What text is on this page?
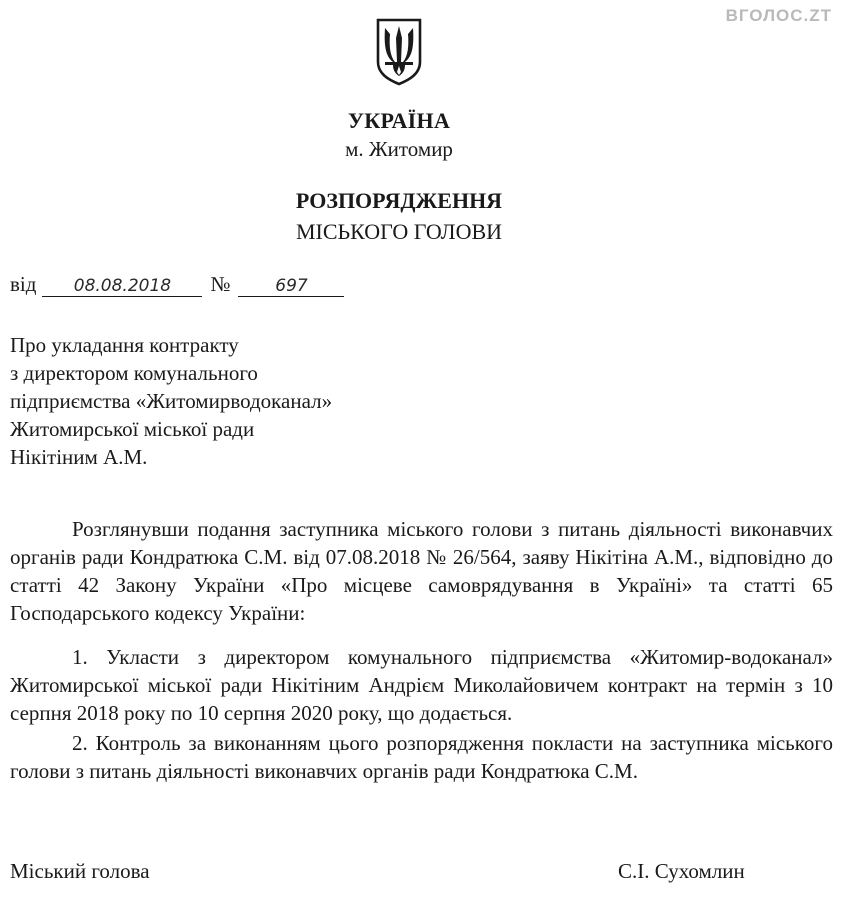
ВГОЛОС.ZT
УКРАЇНА
м. Житомир
РОЗПОРЯДЖЕННЯ
МІСЬКОГО ГОЛОВИ
від 08.08.2018 №	697
Про укладання контракту
з директором комунального
підприємства «Житомирводоканал»
Житомирської міської ради
Нікітіним А.М.
Розглянувши подання заступника міського голови з питань діяльності виконавчих органів ради Кондратюка С.М. від 07.08.2018 № 26/564, заяву Нікітіна А.М., відповідно до статті 42 Закону України «Про місцеве самоврядування в Україні» та статті 65 Господарського кодексу України:
1. Укласти з директором комунального підприємства «Житомир-водоканал» Житомирської міської ради Нікітіним Андрієм Миколайовичем контракт на термін з 10 серпня 2018 року по 10 серпня 2020 року, що додається.
2. Контроль за виконанням цього розпорядження покласти на заступника міського голови з питань діяльності виконавчих органів ради Кондратюка С.М.
Міський голова	С.І. Сухомлин
